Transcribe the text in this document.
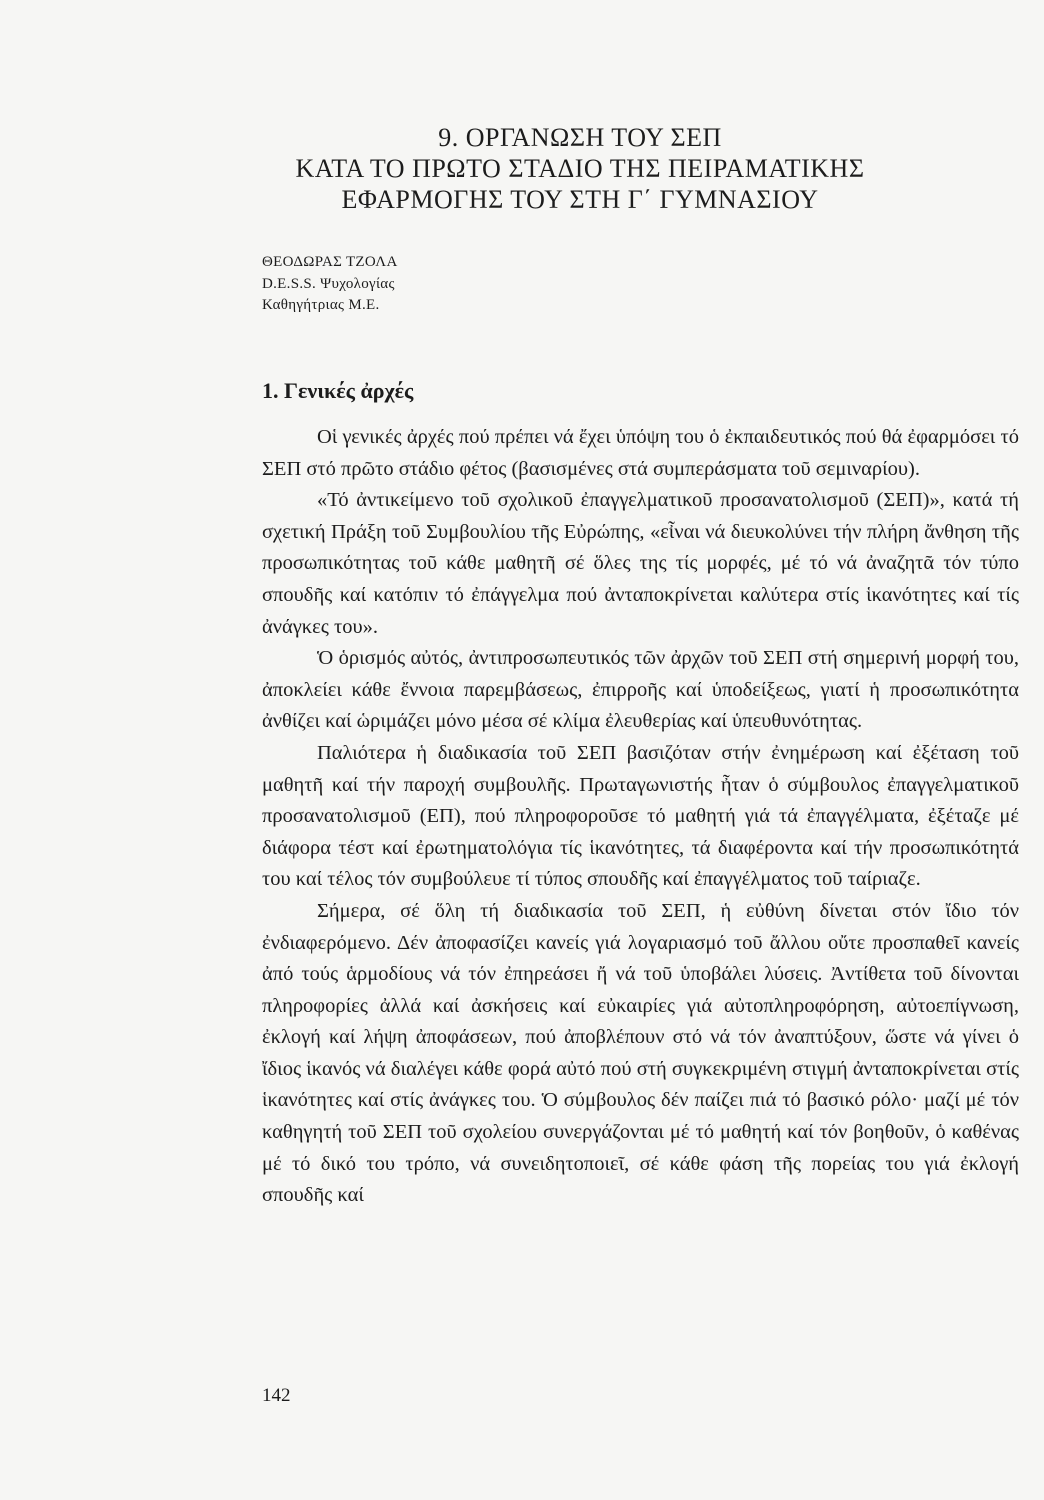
9. ΟΡΓΑΝΩΣΗ ΤΟΥ ΣΕΠ
ΚΑΤΑ ΤΟ ΠΡΩΤΟ ΣΤΑΔΙΟ ΤΗΣ ΠΕΙΡΑΜΑΤΙΚΗΣ
ΕΦΑΡΜΟΓΗΣ ΤΟΥ ΣΤΗ Γ΄ ΓΥΜΝΑΣΙΟΥ
ΘΕΟΔΩΡΑΣ ΤΖΟΛΑ
D.E.S.S. Ψυχολογίας
Καθηγήτριας Μ.Ε.
1. Γενικές ἀρχές

Οἱ γενικές ἀρχές πού πρέπει νά ἔχει ὑπόψη του ὁ ἐκπαιδευτικός πού θά ἐφαρμόσει τό ΣΕΠ στό πρῶτο στάδιο φέτος (βασισμένες στά συμπεράσματα τοῦ σεμιναρίου).

«Τό ἀντικείμενο τοῦ σχολικοῦ ἐπαγγελματικοῦ προσανατολισμοῦ (ΣΕΠ)», κατά τή σχετική Πράξη τοῦ Συμβουλίου τῆς Εὐρώπης, «εἶναι νά διευκολύνει τήν πλήρη ἄνθηση τῆς προσωπικότητας τοῦ κάθε μαθητῆ σέ ὅλες της τίς μορφές, μέ τό νά ἀναζητᾶ τόν τύπο σπουδῆς καί κατόπιν τό ἐπάγγελμα πού ἀνταποκρίνεται καλύτερα στίς ἱκανότητες καί τίς ἀνάγκες του».

Ὁ ὁρισμός αὐτός, ἀντιπροσωπευτικός τῶν ἀρχῶν τοῦ ΣΕΠ στή σημερινή μορφή του, ἀποκλείει κάθε ἔννοια παρεμβάσεως, ἐπιρροῆς καί ὑποδείξεως, γιατί ἡ προσωπικότητα ἀνθίζει καί ὡριμάζει μόνο μέσα σέ κλίμα ἐλευθερίας καί ὑπευθυνότητας.

Παλιότερα ἡ διαδικασία τοῦ ΣΕΠ βασιζόταν στήν ἐνημέρωση καί ἐξέταση τοῦ μαθητῆ καί τήν παροχή συμβουλῆς. Πρωταγωνιστής ἦταν ὁ σύμβουλος ἐπαγγελματικοῦ προσανατολισμοῦ (ΕΠ), πού πληροφοροῦσε τό μαθητή γιά τά ἐπαγγέλματα, ἐξέταζε μέ διάφορα τέστ καί ἐρωτηματολόγια τίς ἱκανότητες, τά διαφέροντα καί τήν προσωπικότητά του καί τέλος τόν συμβούλευε τί τύπος σπουδῆς καί ἐπαγγέλματος τοῦ ταίριαζε.

Σήμερα, σέ ὅλη τή διαδικασία τοῦ ΣΕΠ, ἡ εὐθύνη δίνεται στόν ἴδιο τόν ἐνδιαφερόμενο. Δέν ἀποφασίζει κανείς γιά λογαριασμό τοῦ ἄλλου οὔτε προσπαθεῖ κανείς ἀπό τούς ἁρμοδίους νά τόν ἐπηρεάσει ἤ νά τοῦ ὑποβάλει λύσεις. Ἀντίθετα τοῦ δίνονται πληροφορίες ἀλλά καί ἀσκήσεις καί εὐκαιρίες γιά αὐτοπληροφόρηση, αὐτοεπίγνωση, ἐκλογή καί λήψη ἀποφάσεων, πού ἀποβλέπουν στό νά τόν ἀναπτύξουν, ὥστε νά γίνει ὁ ἴδιος ἱκανός νά διαλέγει κάθε φορά αὐτό πού στή συγκεκριμένη στιγμή ἀνταποκρίνεται στίς ἱκανότητες καί στίς ἀνάγκες του. Ὁ σύμβουλος δέν παίζει πιά τό βασικό ρόλο· μαζί μέ τόν καθηγητή τοῦ ΣΕΠ τοῦ σχολείου συνεργάζονται μέ τό μαθητή καί τόν βοηθοῦν, ὁ καθένας μέ τό δικό του τρόπο, νά συνειδητοποιεῖ, σέ κάθε φάση τῆς πορείας του γιά ἐκλογή σπουδῆς καί

142
